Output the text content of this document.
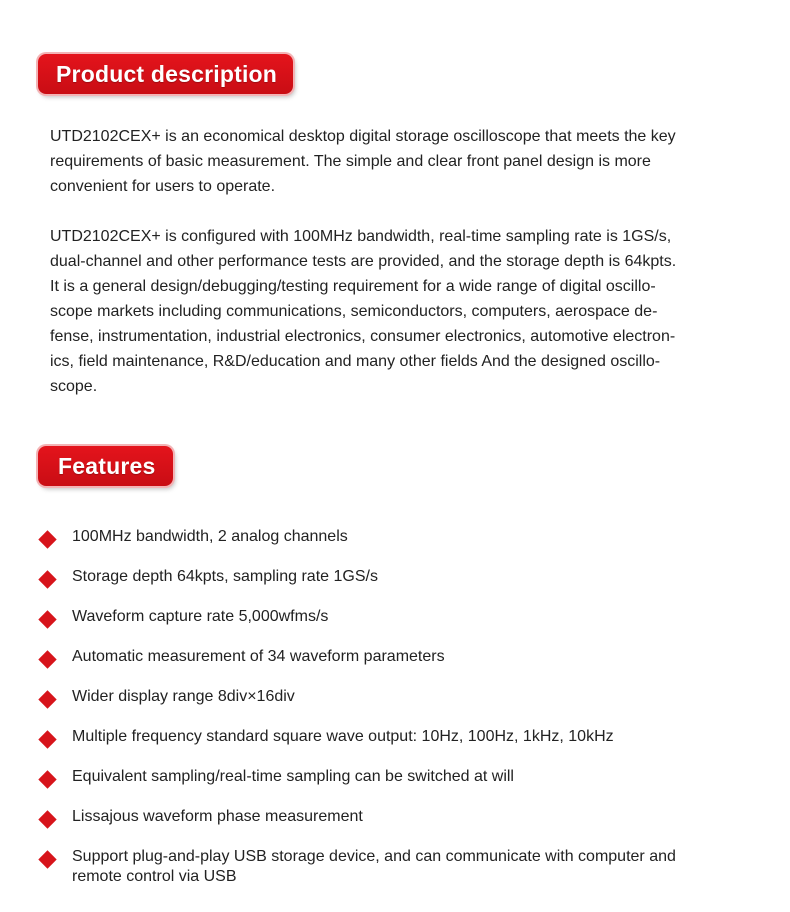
Product description

UTD2102CEX+ is an economical desktop digital storage oscilloscope that meets the key
requirements of basic measurement. The simple and clear front panel design is more
convenient for users to operate.

UTD2102CEX+ is configured with 100MHz bandwidth, real-time sampling rate is 1GS/s,
dual-channel and other performance tests are provided, and the storage depth is 64kpts.
It is a general design/debugging/testing requirement for a wide range of digital oscillo-
scope markets including communications, semiconductors, computers, aerospace de-
fense, instrumentation, industrial electronics, consumer electronics, automotive electron-
ics, field maintenance, R&D/education and many other fields And the designed oscillo-
scope.

Features
100MHz bandwidth, 2 analog channels
Storage depth 64kpts, sampling rate 1GS/s
Waveform capture rate 5,000wfms/s
Automatic measurement of 34 waveform parameters
Wider display range 8div×16div
Multiple frequency standard square wave output: 10Hz, 100Hz, 1kHz, 10kHz
Equivalent sampling/real-time sampling can be switched at will
Lissajous waveform phase measurement
Support plug-and-play USB storage device, and can communicate with computer and
remote control via USB
